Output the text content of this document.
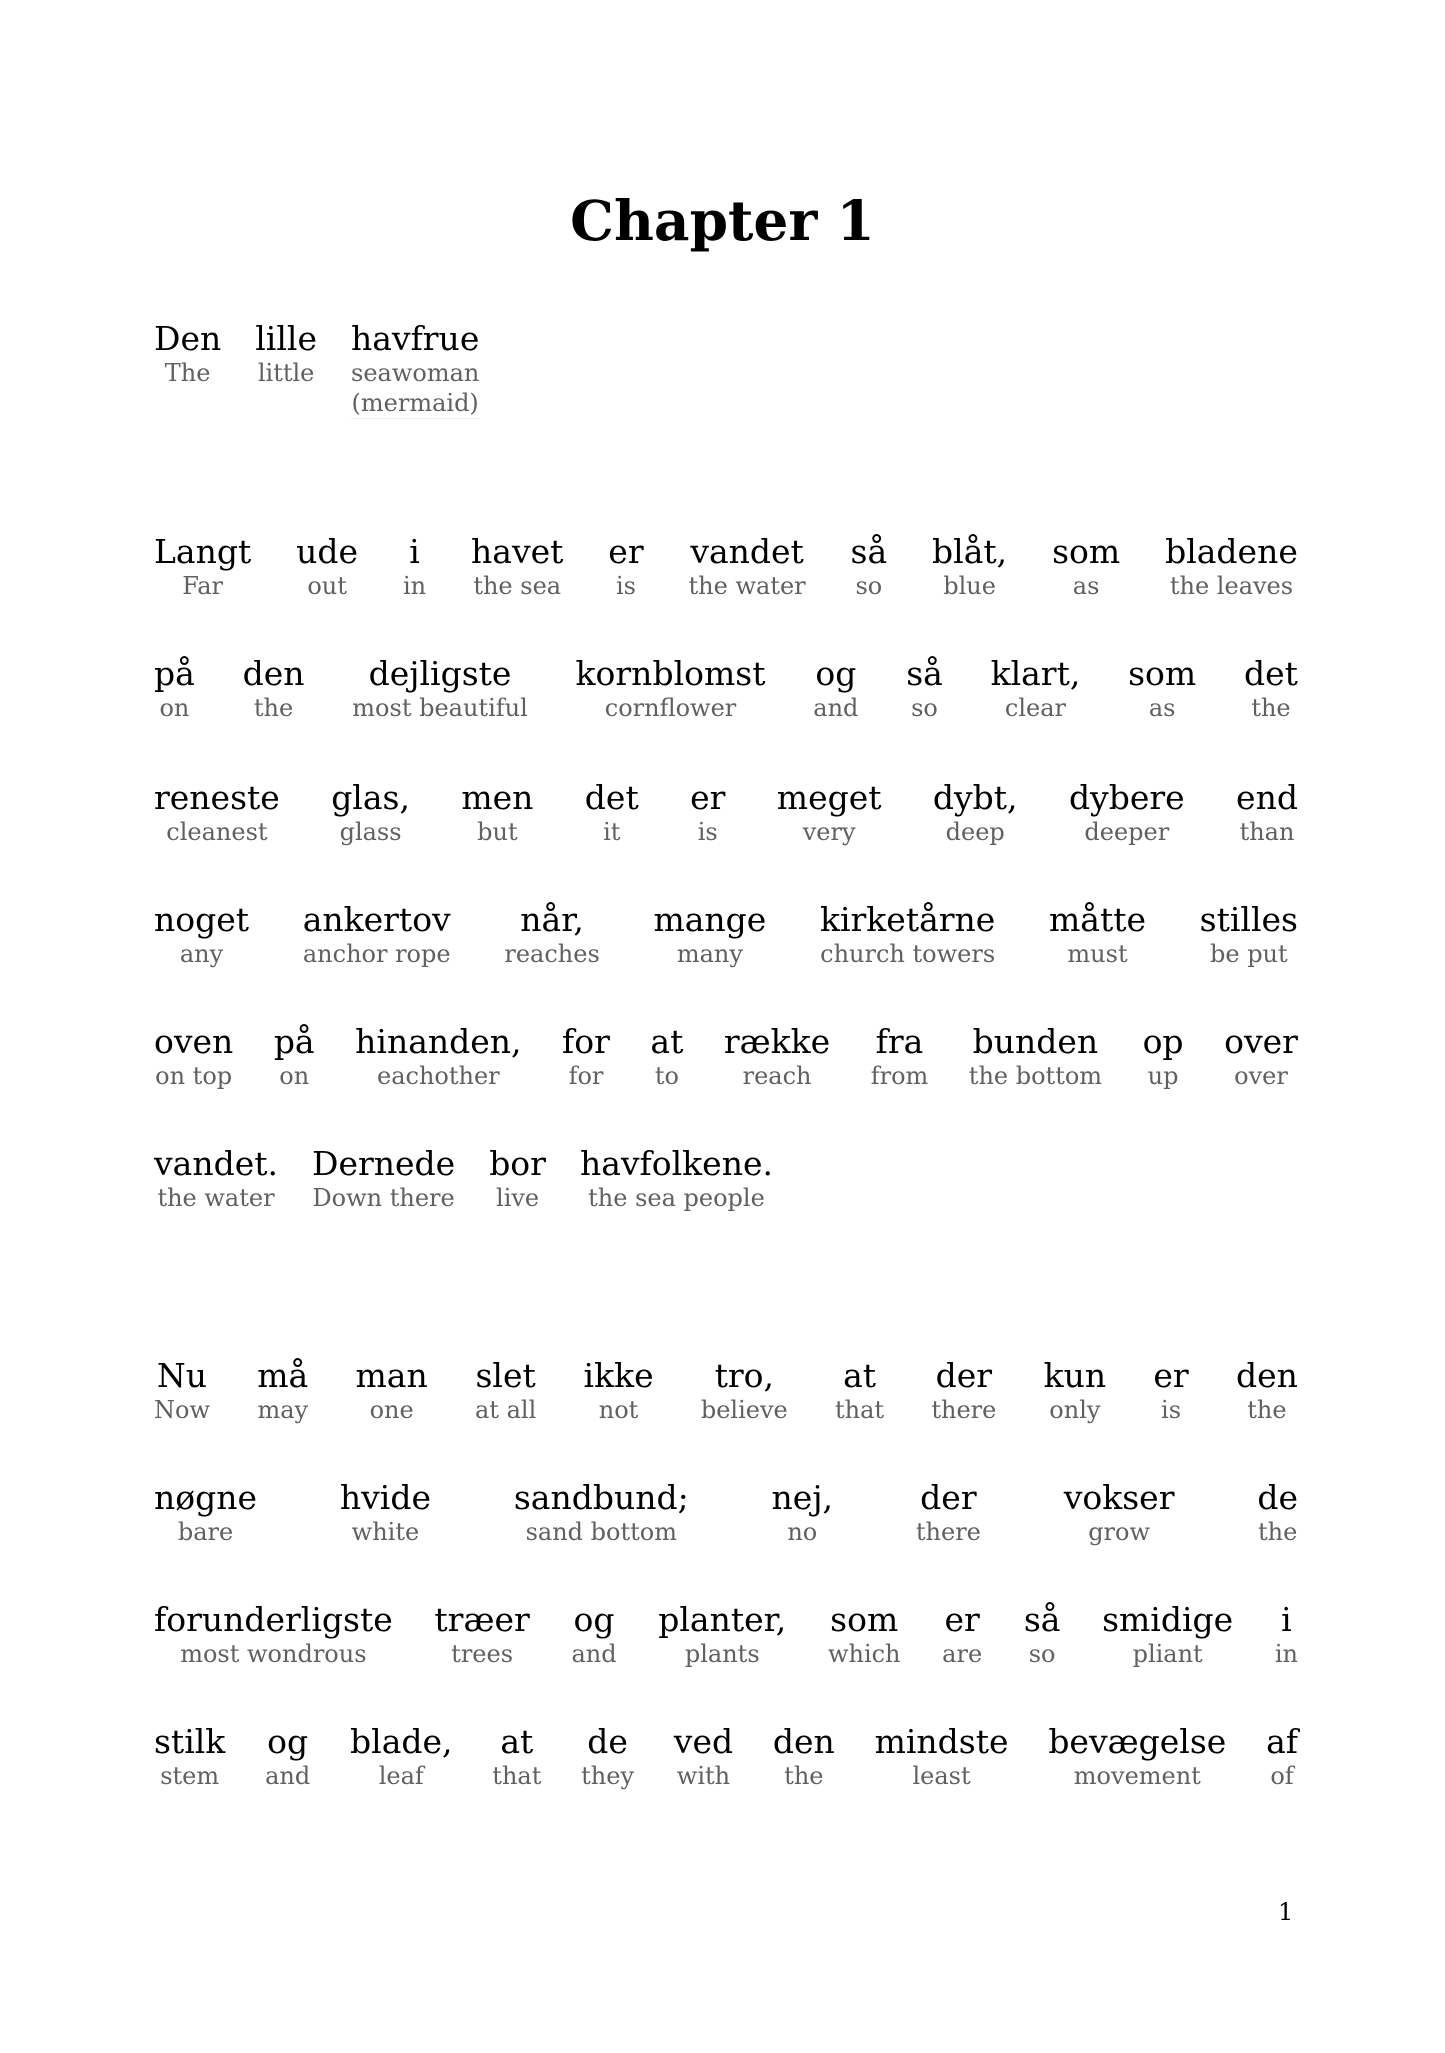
Chapter 1
Den
The
lille
little
havfrue
seawoman
(mermaid)
Langt
Far
ude
out
i
in
havet
the sea
er
is
vandet
the water
så
so
blåt,
blue
som
as
bladene
the leaves
på
on
den
the
dejligste
most beautiful
kornblomst
cornflower
og
and
så
so
klart,
clear
som
as
det
the
reneste
cleanest
glas,
glass
men
but
det
it
er
is
meget
very
dybt,
deep
dybere
deeper
end
than
noget
any
ankertov
anchor rope
når,
reaches
mange
many
kirketårne
church towers
måtte
must
stilles
be put
oven
on top
på
on
hinanden,
eachother
for
for
at
to
række
reach
fra
from
bunden
the bottom
op
up
over
over
vandet.
the water
Dernede
Down there
bor
live
havfolkene.
the sea people
Nu
Now
må
may
man
one
slet
at all
ikke
not
tro,
believe
at
that
der
there
kun
only
er
is
den
the
nøgne
bare
hvide
white
sandbund;
sand bottom
nej,
no
der
there
vokser
grow
de
the
forunderligste
most wondrous
træer
trees
og
and
planter,
plants
som
which
er
are
så
so
smidige
pliant
i
in
stilk
stem
og
and
blade,
leaf
at
that
de
they
ved
with
den
the
mindste
least
bevægelse
movement
af
of
1
